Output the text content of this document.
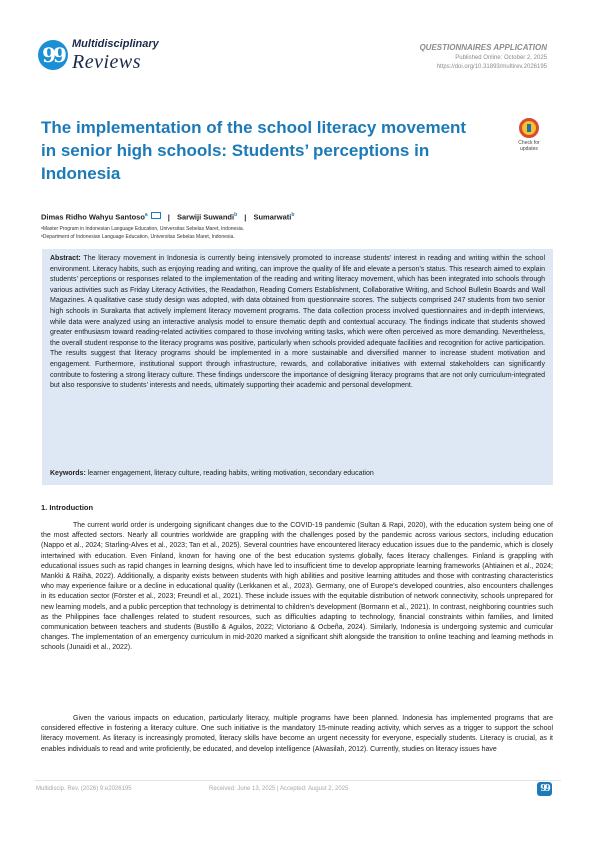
99 Multidisciplinary
Reviews
QUESTIONNAIRES APPLICATION
Published Online: October 2, 2025
https://doi.org/10.31893/multirev.2026195
The implementation of the school literacy movement in senior high schools: Students’ perceptions in Indonesia
Check for updates
Dimas Ridho Wahyu Santoso$^a$	| Sarwiji Suwandi$^b$ | Sumarwati$^b$
ᵃMaster Program in Indonesian Language Education, Universitas Sebelas Maret, Indonesia.
ᵇDepartment of Indonesian Language Education, Universitas Sebelas Maret, Indonesia.
Abstract: The literacy movement in Indonesia is currently being intensively promoted to increase students’ interest in reading and writing within the school environment. Literacy habits, such as enjoying reading and writing, can improve the quality of life and elevate a person’s status. This research aimed to explain students’ perceptions or responses related to the implementation of the reading and writing literacy movement, which has been integrated into schools through various activities such as Friday Literacy Activities, the Readathon, Reading Corners Establishment, Collaborative Writing, and School Bulletin Boards and Wall Magazines. A qualitative case study design was adopted, with data obtained from questionnaire scores. The subjects comprised 247 students from two senior high schools in Surakarta that actively implement literacy movement programs. The data collection process involved questionnaires and in-depth interviews, while data were analyzed using an interactive analysis model to ensure thematic depth and contextual accuracy. The findings indicate that students showed greater enthusiasm toward reading-related activities compared to those involving writing tasks, which were often perceived as more demanding. Nevertheless, the overall student response to the literacy programs was positive, particularly when schools provided adequate facilities and recognition for active participation. The results suggest that literacy programs should be implemented in a more sustainable and diversified manner to increase student motivation and engagement. Furthermore, institutional support through infrastructure, rewards, and collaborative initiatives with external stakeholders can significantly contribute to fostering a strong literacy culture. These findings underscore the importance of designing literacy programs that are not only curriculum-integrated but also responsive to students’ interests and needs, ultimately supporting their academic and personal development.
Keywords: learner engagement, literacy culture, reading habits, writing motivation, secondary education
1. Introduction
The current world order is undergoing significant changes due to the COVID-19 pandemic (Sultan & Rapi, 2020), with the education system being one of the most affected sectors. Nearly all countries worldwide are grappling with the challenges posed by the pandemic across various sectors, including education (Nappo et al., 2024; Starling-Alves et al., 2023; Tan et al., 2025). Several countries have encountered literacy education issues due to the pandemic, which is closely intertwined with education. Even Finland, known for having one of the best education systems globally, faces literacy challenges. Finland is grappling with educational issues such as rapid changes in learning designs, which have led to insufficient time to develop appropriate learning frameworks (Ahtiainen et al., 2024; Mankki & Räihä, 2022). Additionally, a disparity exists between students with high abilities and positive learning attitudes and those with contrasting characteristics who may experience failure or a decline in educational quality (Lerkkanen et al., 2023). Germany, one of Europe’s developed countries, also encounters challenges in its education sector (Förster et al., 2023; Freundl et al., 2021). These include issues with the equitable distribution of network connectivity, schools unprepared for new learning models, and a public perception that technology is detrimental to children’s development (Bormann et al., 2021). In contrast, neighboring countries such as the Philippines face challenges related to student resources, such as difficulties adapting to technology, financial constraints within families, and limited communication between teachers and students (Bustillo & Aguilos, 2022; Victoriano & Ocbeña, 2024). Similarly, Indonesia is undergoing systemic and curricular changes. The implementation of an emergency curriculum in mid-2020 marked a significant shift alongside the transition to online teaching and learning methods in schools (Junaidi et al., 2022).
Given the various impacts on education, particularly literacy, multiple programs have been planned. Indonesia has implemented programs that are considered effective in fostering a literacy culture. One such initiative is the mandatory 15-minute reading activity, which serves as a trigger to support the school literacy movement. As literacy is increasingly promoted, literacy skills have become an urgent necessity for everyone, especially students. Literacy is crucial, as it enables individuals to read and write proficiently, be educated, and develop intelligence (Alwasilah, 2012). Currently, studies on literacy issues have
Multidiscip. Rev. (2026) 9:e2026195	Received: June 13, 2025 | Accepted: August 2, 2025	99
